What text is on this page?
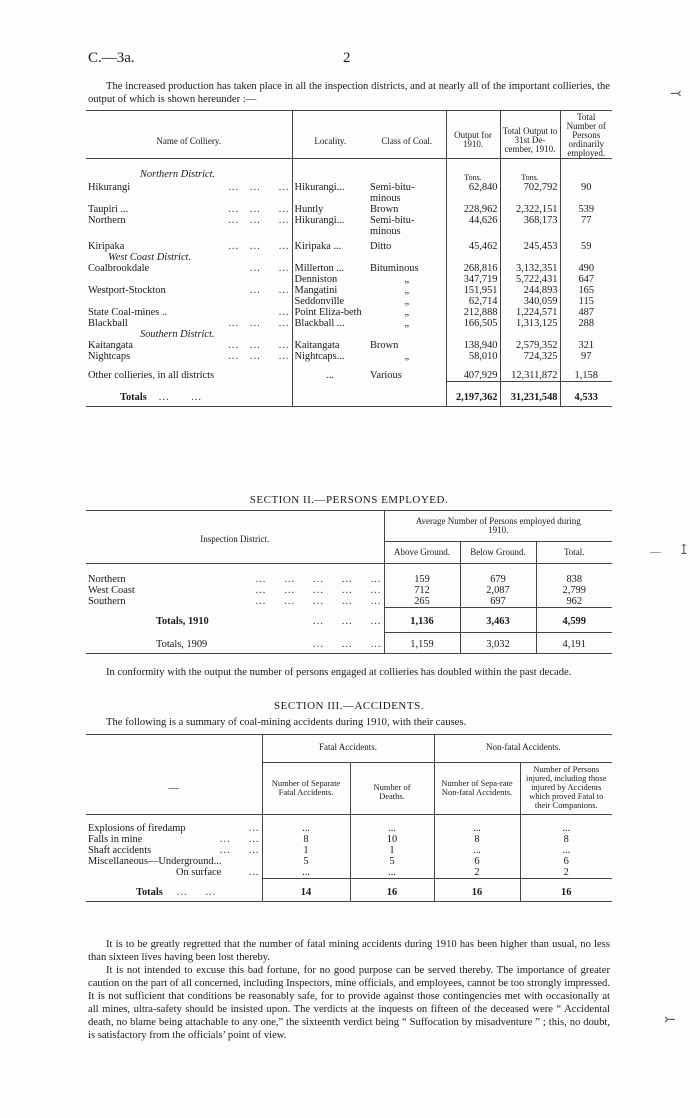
C.—3a.	2
The increased production has taken place in all the inspection districts, and at nearly all of the important collieries, the output of which is shown hereunder :—
Name of Colliery.	Locality.	Class of Coal.	Output for 1910.	Total Output to 31st De-cember, 1910.	Total Number of Persons ordinarily employed.
Northern District.			Tons.	Tons.	
Hikurangi ...   ...     ...	Hikurangi...	Semi-bitu-minous	62,840	702,792	90
Taupiri ... ...   ...     ...	Huntly	Brown	228,962	2,322,151	539
Northern ...   ...     ...	Hikurangi...	Semi-bitu-minous	44,626	368,173	77
Kiripaka ...   ...     ...	Kiripaka ...	Ditto	45,462	245,453	59
West Coast District.					
Coalbrookdale ...     ...	Millerton ...	Bituminous	268,816	3,132,351	490
	Denniston	„	347,719	5,722,431	647
Westport-Stockton ...     ...	Mangatini	„	151,951	244,893	165
	Seddonville	„	62,714	340,059	115
State Coal-mines .. ...	Point Eliza-beth	„	212,888	1,224,571	487
Blackball ...   ...     ...	Blackball ...	„	166,505	1,313,125	288
Southern District.					
Kaitangata ...   ...     ...	Kaitangata	Brown	138,940	2,579,352	321
Nightcaps ...   ...     ...	Nightcaps...	„	58,010	724,325	97
Other collieries, in all districts	...	Various	407,929	12,311,872	1,158
Totals ...      ...			2,197,362	31,231,548	4,533
SECTION II.—PERSONS EMPLOYED.
Inspection District.	Average Number of Persons employed during 1910.		
	Above Ground.	Below Ground.	Total.
Northern ...     ...     ...     ...     ...	159	679	838
West Coast ...     ...     ...     ...     ...	712	2,087	2,799
Southern ...     ...     ...     ...     ...	265	697	962
Totals, 1910 ...     ...     ...	1,136	3,463	4,599
Totals, 1909 ...     ...     ...	1,159	3,032	4,191
In conformity with the output the number of persons engaged at collieries has doubled within the past decade.
SECTION III.—ACCIDENTS.
The following is a summary of coal-mining accidents during 1910, with their causes.
—	Fatal Accidents.		Non-fatal Accidents.	
	Number of Separate Fatal Accidents.	Number of Deaths.	Number of Sepa-rate Non-fatal Accidents.	Number of Persons injured, including those injured by Accidents which proved Fatal to their Companions.
Explosions of firedamp ...	...	...	...	...
Falls in mine ...     ...	8	10	8	8
Shaft accidents ...     ...	1	1	...	...
Miscellaneous—Underground...	5	5	6	6
On surface ...	...	...	2	2
Totals ...     ...	14	16	16	16
It is to be greatly regretted that the number of fatal mining accidents during 1910 has been higher than usual, no less than sixteen lives having been lost thereby.
It is not intended to excuse this bad fortune, for no good purpose can be served thereby. The importance of greater caution on the part of all concerned, including Inspectors, mine officials, and employees, cannot be too strongly impressed. It is not sufficient that conditions be reasonably safe, for to provide against those contingencies met with occasionally at all mines, ultra-safety should be insisted upon. The verdicts at the inquests on fifteen of the deceased were “ Accidental death, no blame being attachable to any one,” the sixteenth verdict being “ Suffocation by misadventure ” ; this, no doubt, is satisfactory from the officials’ point of view.
⤙
↥
—
⤚
